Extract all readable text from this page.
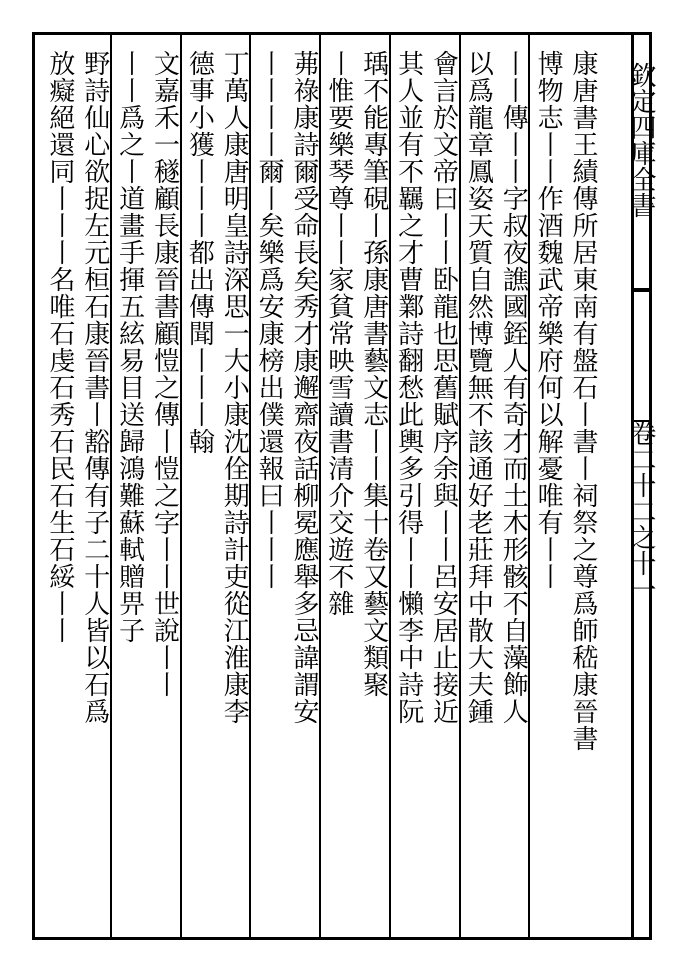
欽定四庫全書
卷二十二之十一
康唐書王績傳所居東南有盤石丨書丨祠祭之尊爲師嵇康晉書
博物志丨丨作酒魏武帝樂府何以解憂唯有丨丨
丨丨傳丨丨字叔夜譙國銍人有奇才而土木形骸不自藻飾人
以爲龍章鳳姿天質自然博覽無不該通好老莊拜中散大夫鍾
會言於文帝曰丨丨卧龍也思舊賦序余與丨丨呂安居止接近
其人並有不羈之才曹鄴詩翻愁此輿多引得丨丨懶李中詩阮
瑀不能專筆硯丨孫康唐書藝文志丨丨集十卷又藝文類聚
丨惟要樂琴尊丨丨家貧常映雪讀書清介交遊不雜
茀祿康詩爾受命長矣秀才康邂齋夜話柳冕應舉多忌諱謂安
丨丨丨丨爾丨矣樂爲安康榜出僕還報曰丨丨丨
丁萬人康唐明皇詩深思一大小康沈佺期詩計吏從江淮康李
德事小獲丨丨丨都出傳聞丨丨丨翰
文嘉禾一穟顧長康晉書顧愷之傳丨愷之字丨丨世說丨丨
丨丨爲之丨道畫手揮五絃易目送歸鴻難蘇軾贈畀子
野詩仙心欲捉左元桓石康晉書丨豁傳有子二十人皆以石爲
放癡絕還同丨丨丨名唯石虔石秀石民石生石綏丨丨
